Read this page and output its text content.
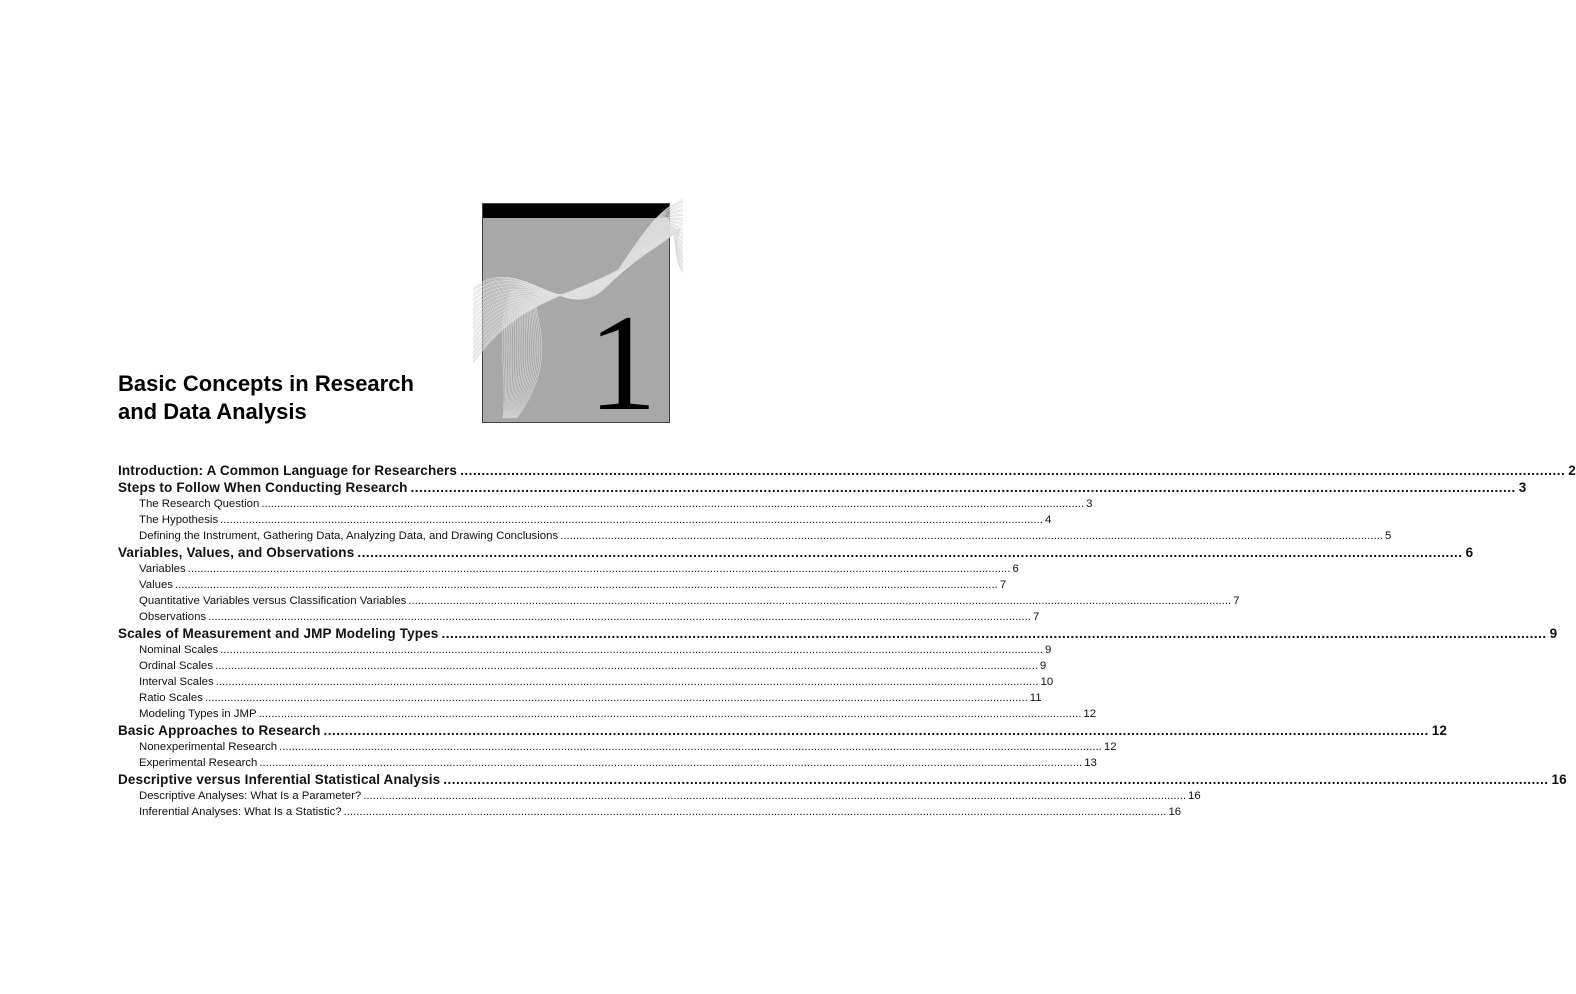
1
Basic Concepts in Research
and Data Analysis
Introduction: A Common Language for Researchers .................................................................................................................................................................................................................................................................... 2
Steps to Follow When Conducting Research .................................................................................................................................................................................................................................................................... 3
The Research Question .................................................................................................................................................................................................................................................................... 3
The Hypothesis .................................................................................................................................................................................................................................................................... 4
Defining the Instrument, Gathering Data, Analyzing Data, and Drawing Conclusions .................................................................................................................................................................................................................................................................... 5
Variables, Values, and Observations .................................................................................................................................................................................................................................................................... 6
Variables .................................................................................................................................................................................................................................................................... 6
Values .................................................................................................................................................................................................................................................................... 7
Quantitative Variables versus Classification Variables .................................................................................................................................................................................................................................................................... 7
Observations .................................................................................................................................................................................................................................................................... 7
Scales of Measurement and JMP Modeling Types .................................................................................................................................................................................................................................................................... 9
Nominal Scales .................................................................................................................................................................................................................................................................... 9
Ordinal Scales .................................................................................................................................................................................................................................................................... 9
Interval Scales .................................................................................................................................................................................................................................................................... 10
Ratio Scales .................................................................................................................................................................................................................................................................... 11
Modeling Types in JMP .................................................................................................................................................................................................................................................................... 12
Basic Approaches to Research .................................................................................................................................................................................................................................................................... 12
Nonexperimental Research .................................................................................................................................................................................................................................................................... 12
Experimental Research .................................................................................................................................................................................................................................................................... 13
Descriptive versus Inferential Statistical Analysis .................................................................................................................................................................................................................................................................... 16
Descriptive Analyses: What Is a Parameter? .................................................................................................................................................................................................................................................................... 16
Inferential Analyses: What Is a Statistic? .................................................................................................................................................................................................................................................................... 16
